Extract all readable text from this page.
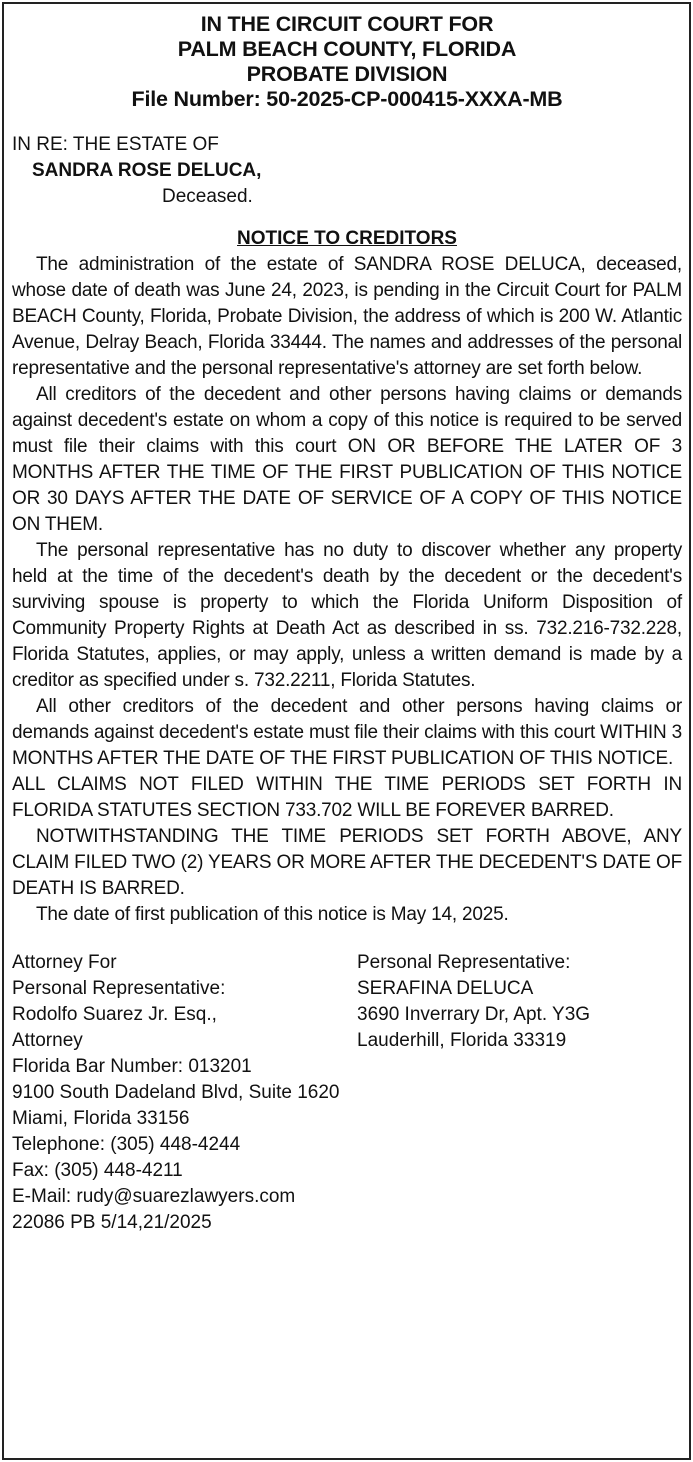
IN THE CIRCUIT COURT FOR
PALM BEACH COUNTY, FLORIDA
PROBATE DIVISION
File Number: 50-2025-CP-000415-XXXA-MB
IN RE: THE ESTATE OF
SANDRA ROSE DELUCA,
Deceased.
NOTICE TO CREDITORS

The administration of the estate of SANDRA ROSE DELUCA, deceased, whose date of death was June 24, 2023, is pending in the Circuit Court for PALM BEACH County, Florida, Probate Division, the address of which is 200 W. Atlantic Avenue, Delray Beach, Florida 33444. The names and addresses of the personal representative and the personal representative's attorney are set forth below.

All creditors of the decedent and other persons having claims or demands against decedent's estate on whom a copy of this notice is required to be served must file their claims with this court ON OR BEFORE THE LATER OF 3 MONTHS AFTER THE TIME OF THE FIRST PUBLICATION OF THIS NOTICE OR 30 DAYS AFTER THE DATE OF SERVICE OF A COPY OF THIS NOTICE ON THEM.

The personal representative has no duty to discover whether any property held at the time of the decedent's death by the decedent or the decedent's surviving spouse is property to which the Florida Uniform Disposition of Community Property Rights at Death Act as described in ss. 732.216-732.228, Florida Statutes, applies, or may apply, unless a written demand is made by a creditor as specified under s. 732.2211, Florida Statutes.

All other creditors of the decedent and other persons having claims or demands against decedent's estate must file their claims with this court WITHIN 3 MONTHS AFTER THE DATE OF THE FIRST PUBLICATION OF THIS NOTICE.

ALL CLAIMS NOT FILED WITHIN THE TIME PERIODS SET FORTH IN FLORIDA STATUTES SECTION 733.702 WILL BE FOREVER BARRED.

NOTWITHSTANDING THE TIME PERIODS SET FORTH ABOVE, ANY CLAIM FILED TWO (2) YEARS OR MORE AFTER THE DECEDENT'S DATE OF DEATH IS BARRED.

The date of first publication of this notice is May 14, 2025.

Attorney For
Personal Representative:
Rodolfo Suarez Jr. Esq.,
Attorney
Florida Bar Number: 013201
9100 South Dadeland Blvd, Suite 1620
Miami, Florida 33156
Telephone: (305) 448-4244
Fax: (305) 448-4211
E-Mail: rudy@suarezlawyers.com
22086 PB 5/14,21/2025
Personal Representative:
SERAFINA DELUCA
3690 Inverrary Dr, Apt. Y3G
Lauderhill, Florida 33319
